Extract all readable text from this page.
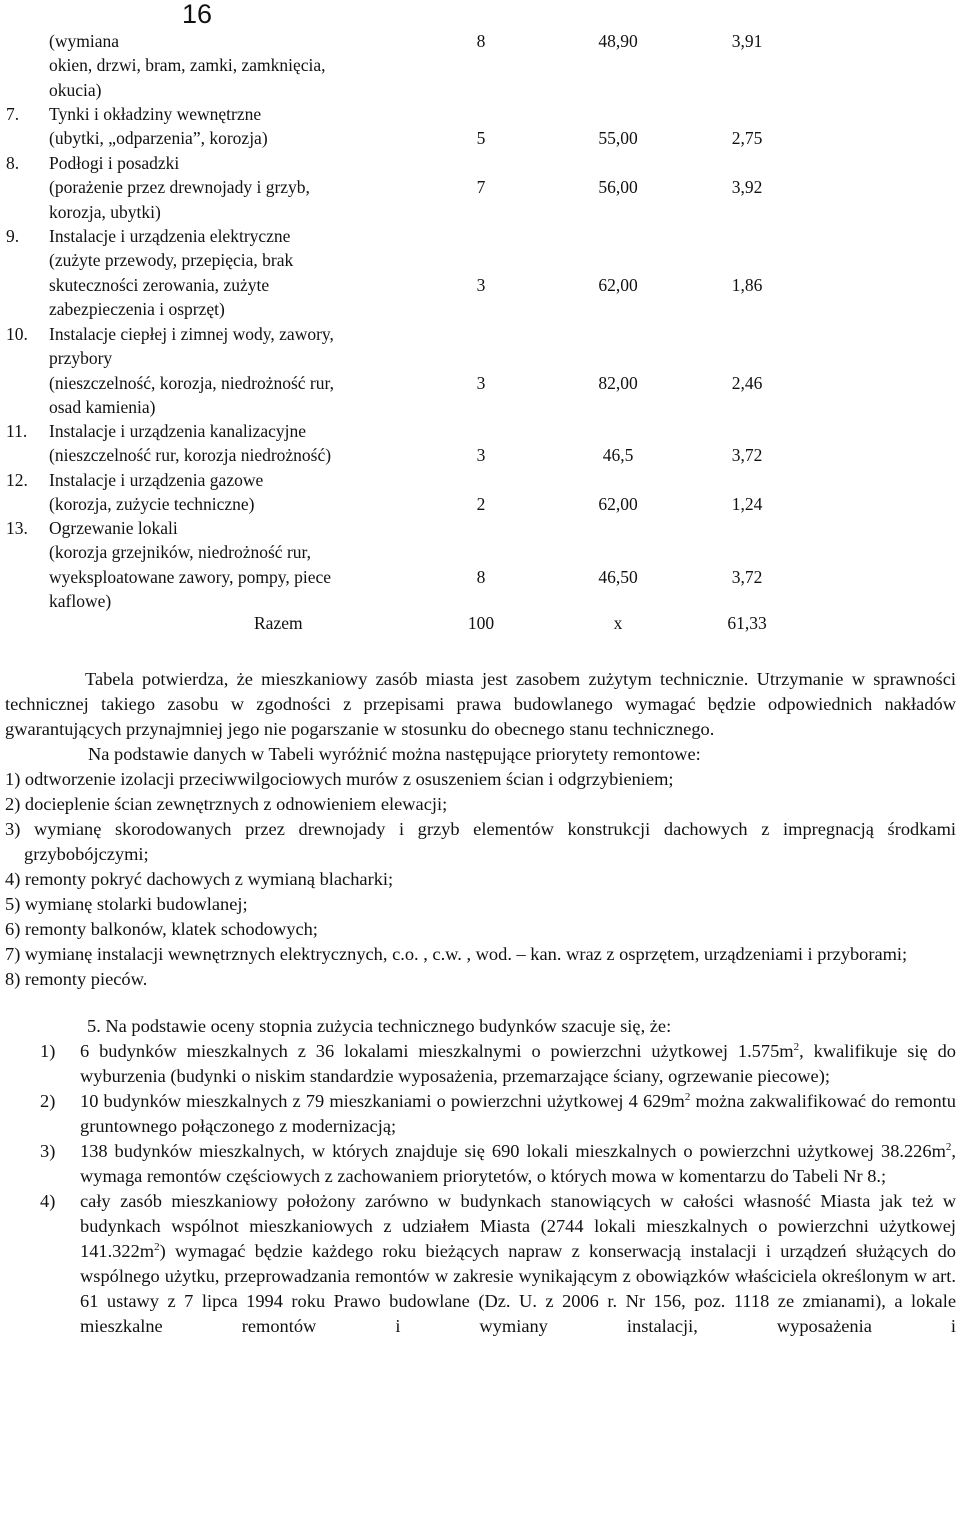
16
(wymiana
okien, drzwi, bram, zamki, zamknięcia,
okucia)
8	48,90	3,91
7. Tynki i okładziny wewnętrzne
(ubytki, „odparzenia”, korozja)	5	55,00	2,75
8. Podłogi i posadzki
(porażenie przez drewnojady i grzyb,
korozja, ubytki)
7	56,00	3,92
9. Instalacje i urządzenia elektryczne
(zużyte przewody, przepięcia, brak
skuteczności zerowania, zużyte
zabezpieczenia i osprzęt)
3	62,00	1,86
10. Instalacje ciepłej i zimnej wody, zawory,
przybory
(nieszczelność, korozja, niedrożność rur,
osad kamienia)
3	82,00	2,46
11. Instalacje i urządzenia kanalizacyjne
(nieszczelność rur, korozja niedrożność)	3	46,5	3,72
12. Instalacje i urządzenia gazowe
(korozja, zużycie techniczne)	2	62,00	1,24
13. Ogrzewanie lokali
(korozja grzejników, niedrożność rur,
wyeksploatowane zawory, pompy, piece
kaflowe)
8	46,50	3,72
Razem	100	x	61,33

Tabela potwierdza, że mieszkaniowy zasób miasta jest zasobem zużytym technicznie. Utrzymanie w sprawności technicznej takiego zasobu w zgodności z przepisami prawa budowlanego wymagać będzie odpowiednich nakładów gwarantujących przynajmniej jego nie pogarszanie w stosunku do obecnego stanu technicznego.

Na podstawie danych w Tabeli wyróżnić można następujące priorytety remontowe:

1) odtworzenie izolacji przeciwwilgociowych murów z osuszeniem ścian i odgrzybieniem;

2) docieplenie ścian zewnętrznych z odnowieniem elewacji;

3) wymianę skorodowanych przez drewnojady i grzyb elementów konstrukcji dachowych z impregnacją środkami grzybobójczymi;

4) remonty pokryć dachowych z wymianą blacharki;

5) wymianę stolarki budowlanej;

6) remonty balkonów, klatek schodowych;

7) wymianę instalacji wewnętrznych elektrycznych, c.o. , c.w. , wod. – kan. wraz z osprzętem, urządzeniami i przyborami;

8) remonty pieców.

5. Na podstawie oceny stopnia zużycia technicznego budynków szacuje się, że:

1) 6 budynków mieszkalnych z 36 lokalami mieszkalnymi o powierzchni użytkowej $1.575m^2$, kwalifikuje się do wyburzenia (budynki o niskim standardzie wyposażenia, przemarzające ściany, ogrzewanie piecowe);
2) 10 budynków mieszkalnych z 79 mieszkaniami o powierzchni użytkowej 4 $629m^2$ można zakwalifikować do remontu gruntownego połączonego z modernizacją;
3) 138 budynków mieszkalnych, w których znajduje się 690 lokali mieszkalnych o powierzchni użytkowej $38.226m^2$, wymaga remontów częściowych z zachowaniem priorytetów, o których mowa w komentarzu do Tabeli Nr 8.;
4) cały zasób mieszkaniowy położony zarówno w budynkach stanowiących w całości własność Miasta jak też w budynkach wspólnot mieszkaniowych z udziałem Miasta (2744 lokali mieszkalnych o powierzchni użytkowej $141.322m^2$) wymagać będzie każdego roku bieżących napraw z konserwacją instalacji i urządzeń służących do wspólnego użytku, przeprowadzania remontów w zakresie wynikającym z obowiązków właściciela określonym w art. 61 ustawy z 7 lipca 1994 roku Prawo budowlane (Dz. U. z 2006 r. Nr 156, poz. 1118 ze zmianami), a lokale mieszkalne remontów i wymiany instalacji, wyposażenia i
